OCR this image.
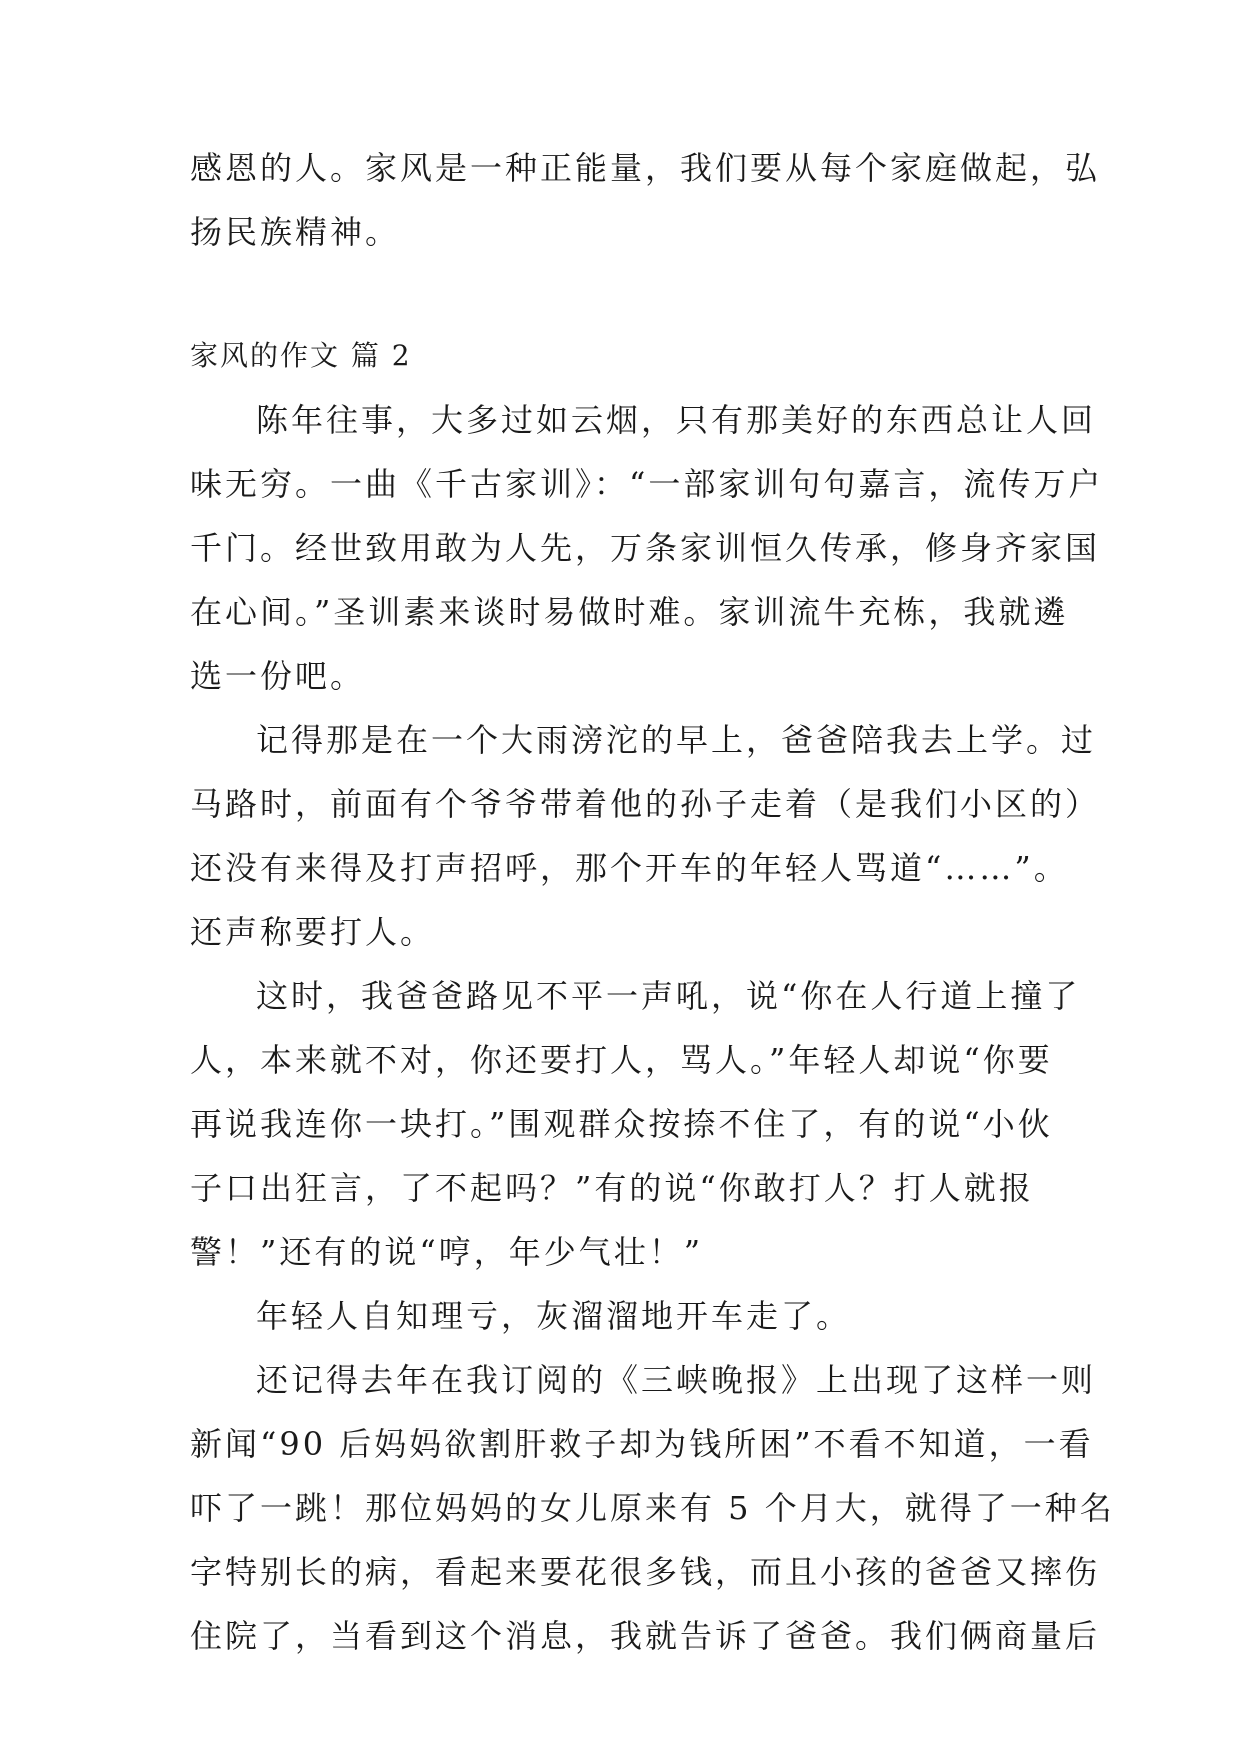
感恩的人。家风是一种正能量，我们要从每个家庭做起，弘
扬民族精神。
家风的作文 篇 2
陈年往事，大多过如云烟，只有那美好的东西总让人回
味无穷。一曲《千古家训》：“一部家训句句嘉言，流传万户
千门。经世致用敢为人先，万条家训恒久传承，修身齐家国
在心间。”圣训素来谈时易做时难。家训流牛充栋，我就遴
选一份吧。
记得那是在一个大雨滂沱的早上，爸爸陪我去上学。过
马路时，前面有个爷爷带着他的孙子走着（是我们小区的）
还没有来得及打声招呼，那个开车的年轻人骂道“……”。
还声称要打人。
这时，我爸爸路见不平一声吼，说“你在人行道上撞了
人，本来就不对，你还要打人，骂人。”年轻人却说“你要
再说我连你一块打。”围观群众按捺不住了，有的说“小伙
子口出狂言，了不起吗？”有的说“你敢打人？打人就报
警！”还有的说“哼，年少气壮！”
年轻人自知理亏，灰溜溜地开车走了。
还记得去年在我订阅的《三峡晚报》上出现了这样一则
新闻“90 后妈妈欲割肝救子却为钱所困”不看不知道，一看
吓了一跳！那位妈妈的女儿原来有 5 个月大，就得了一种名
字特别长的病，看起来要花很多钱，而且小孩的爸爸又摔伤
住院了，当看到这个消息，我就告诉了爸爸。我们俩商量后
